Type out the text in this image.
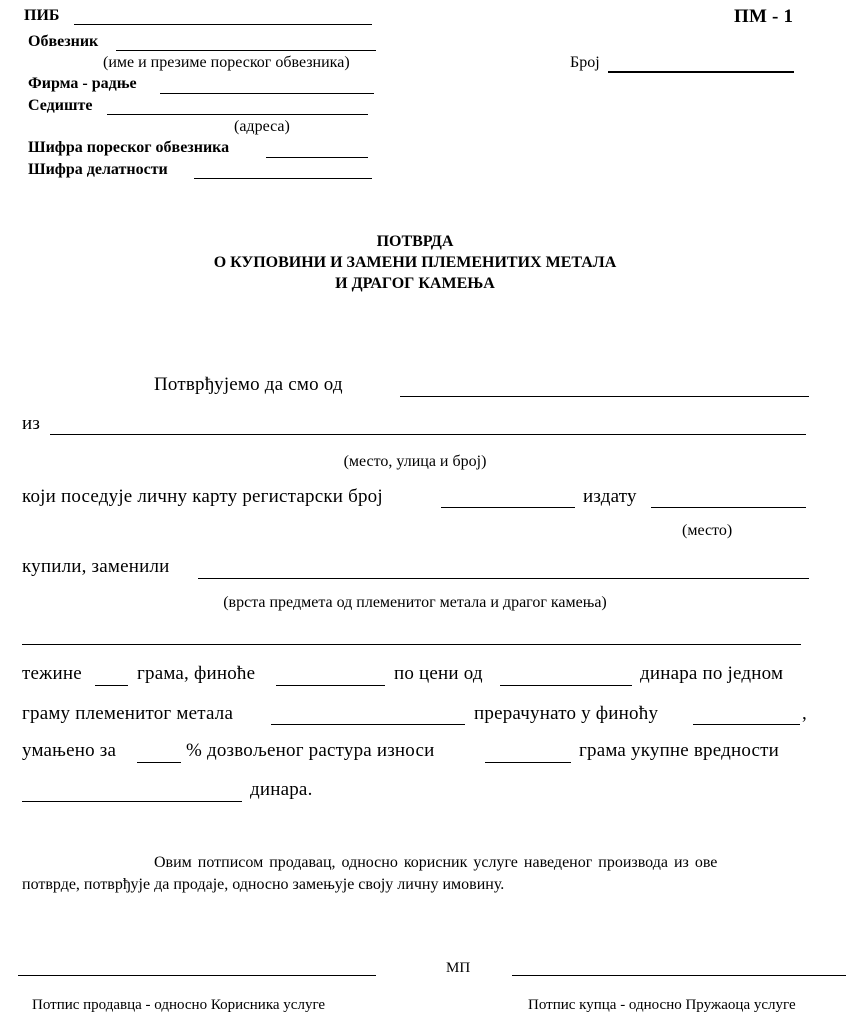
ПИБ	ПМ - 1
Обвезник
(име и презиме пореског обвезника)	Број
Фирма - радње
Седиште
(адреса)
Шифра пореског обвезника
Шифра делатности
ПОТВРДА
О КУПОВИНИ И ЗАМЕНИ ПЛЕМЕНИТИХ МЕТАЛА
И ДРАГОГ КАМЕЊА
Потврђујемо да смо од
из
(место, улица и број)
који поседује личну карту регистарски број	издату
(место)
купили, заменили
(врста предмета од племенитог метала и драгог камења)
тежине	грама, финоће	по цени од	динара по једном
граму племенитог метала	прерачунато у финоћу	,
умањено за	% дозвољеног растура износи	грама укупне вредности
динара.
Овим потписом продавац, односно корисник услуге наведеног производа из ове
потврде, потврђује да продаје, односно замењује своју личну имовину.
МП
Потпис продавца - односно Корисника услуге	Потпис купца - односно Пружаоца услуге
